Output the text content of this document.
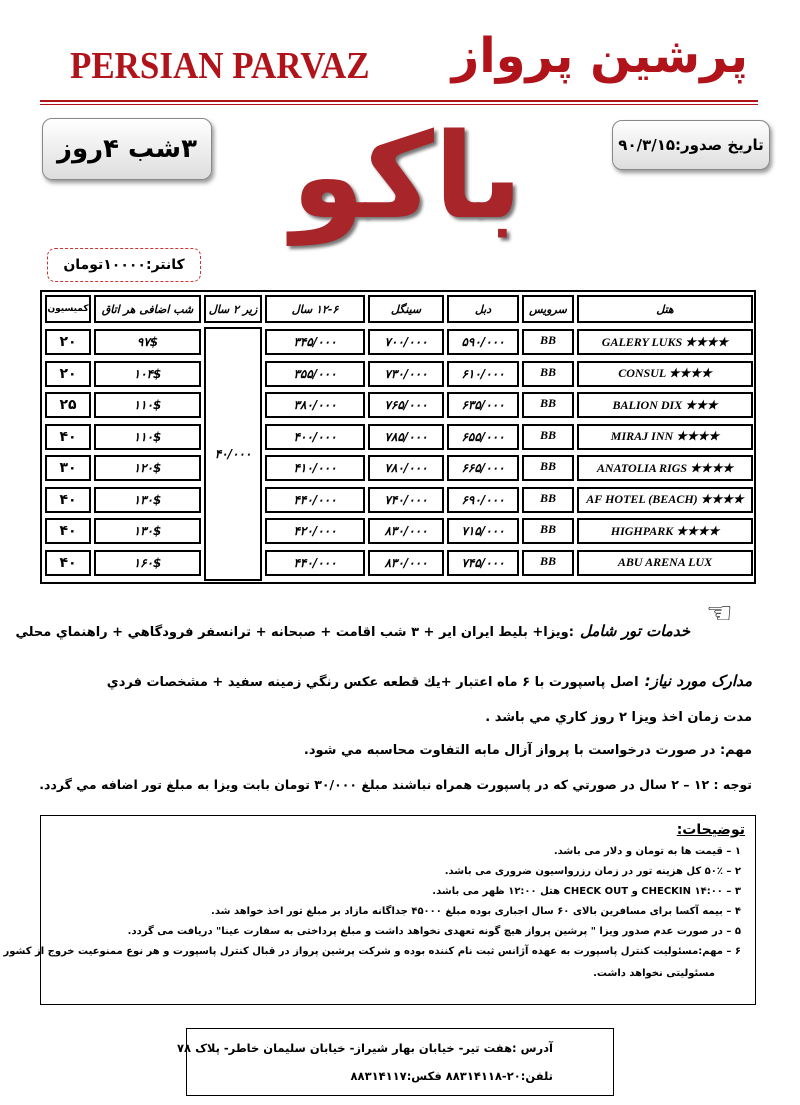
PERSIAN PARVAZ پرشین پرواز
۳شب ۴روز	تاریخ صدور:۹۰/۳/۱۵
باکو
کانتر:۱۰۰۰۰تومان
هتل
سرویس
دبل
سینگل
۱۲-۶ سال
زیر ۲ سال
شب اضافی هر اتاق
کمیسیون
۴۰/۰۰۰
GALERY LUKS ★★★★
BB
۵۹۰/۰۰۰
۷۰۰/۰۰۰
۳۴۵/۰۰۰
۹۷$
۲۰
CONSUL ★★★★
BB
۶۱۰/۰۰۰
۷۳۰/۰۰۰
۳۵۵/۰۰۰
۱۰۴$
۲۰
BALION DIX ★★★
BB
۶۳۵/۰۰۰
۷۶۵/۰۰۰
۳۸۰/۰۰۰
۱۱۰$
۲۵
MIRAJ INN ★★★★
BB
۶۵۵/۰۰۰
۷۸۵/۰۰۰
۴۰۰/۰۰۰
۱۱۰$
۴۰
ANATOLIA RIGS ★★★★
BB
۶۶۵/۰۰۰
۷۸۰/۰۰۰
۴۱۰/۰۰۰
۱۲۰$
۳۰
AF HOTEL (BEACH) ★★★★
BB
۶۹۰/۰۰۰
۷۴۰/۰۰۰
۴۴۰/۰۰۰
۱۳۰$
۴۰
HIGHPARK ★★★★
BB
۷۱۵/۰۰۰
۸۳۰/۰۰۰
۴۲۰/۰۰۰
۱۳۰$
۴۰
ABU ARENA LUX
BB
۷۴۵/۰۰۰
۸۳۰/۰۰۰
۴۴۰/۰۰۰
۱۶۰$
۴۰
☜
خدمات تور شامل:ويزا+ بليط ايران اير + ۳ شب اقامت + صبحانه + ترانسفر فرودگاهي + راهنماي محلي
مدارک مورد نیاز:اصل پاسپورت با ۶ ماه اعتبار +يك قطعه عكس رنگي زمينه سفيد + مشخصات فردي
مدت زمان اخذ ويزا ۲ روز كاري مي باشد .
مهم: در صورت درخواست با پرواز آزال مابه التفاوت محاسبه مي شود.
توجه : ۱۲ – ۲ سال در صورتي كه در پاسپورت همراه نباشند مبلغ ۳۰/۰۰۰ تومان بابت ويزا به مبلغ تور اضافه مي گردد.
توضیحات:
۱ – قیمت ها به تومان و دلار می باشد.
۲ – ۵۰٪ کل هزینه تور در زمان رزرواسیون ضروری می باشد.
۳ – CHECKIN ۱۴:۰۰ و CHECK OUT هتل ۱۲:۰۰ ظهر می باشد.
۴ – بیمه آکسا برای مسافرین بالای ۶۰ سال اجباری بوده مبلغ ۴۵۰۰۰ جداگانه مازاد بر مبلغ تور اخذ خواهد شد.
۵ – در صورت عدم صدور ویزا " پرشین پرواز هیچ گونه تعهدی نخواهد داشت و مبلغ پرداختی به سفارت عینا" دریافت می گردد.
۶ – مهم:مسئولیت کنترل پاسپورت به عهده آژانس ثبت نام کننده بوده و شرکت پرشین پرواز در قبال کنترل پاسپورت و هر نوع ممنوعیت خروج از کشور
مسئولیتی نخواهد داشت.
آدرس :هفت تیر- خیابان بهار شیراز- خیابان سلیمان خاطر- پلاک ۷۸
تلفن:۲۰-۸۸۳۱۴۱۱۸ فکس:۸۸۳۱۴۱۱۷
